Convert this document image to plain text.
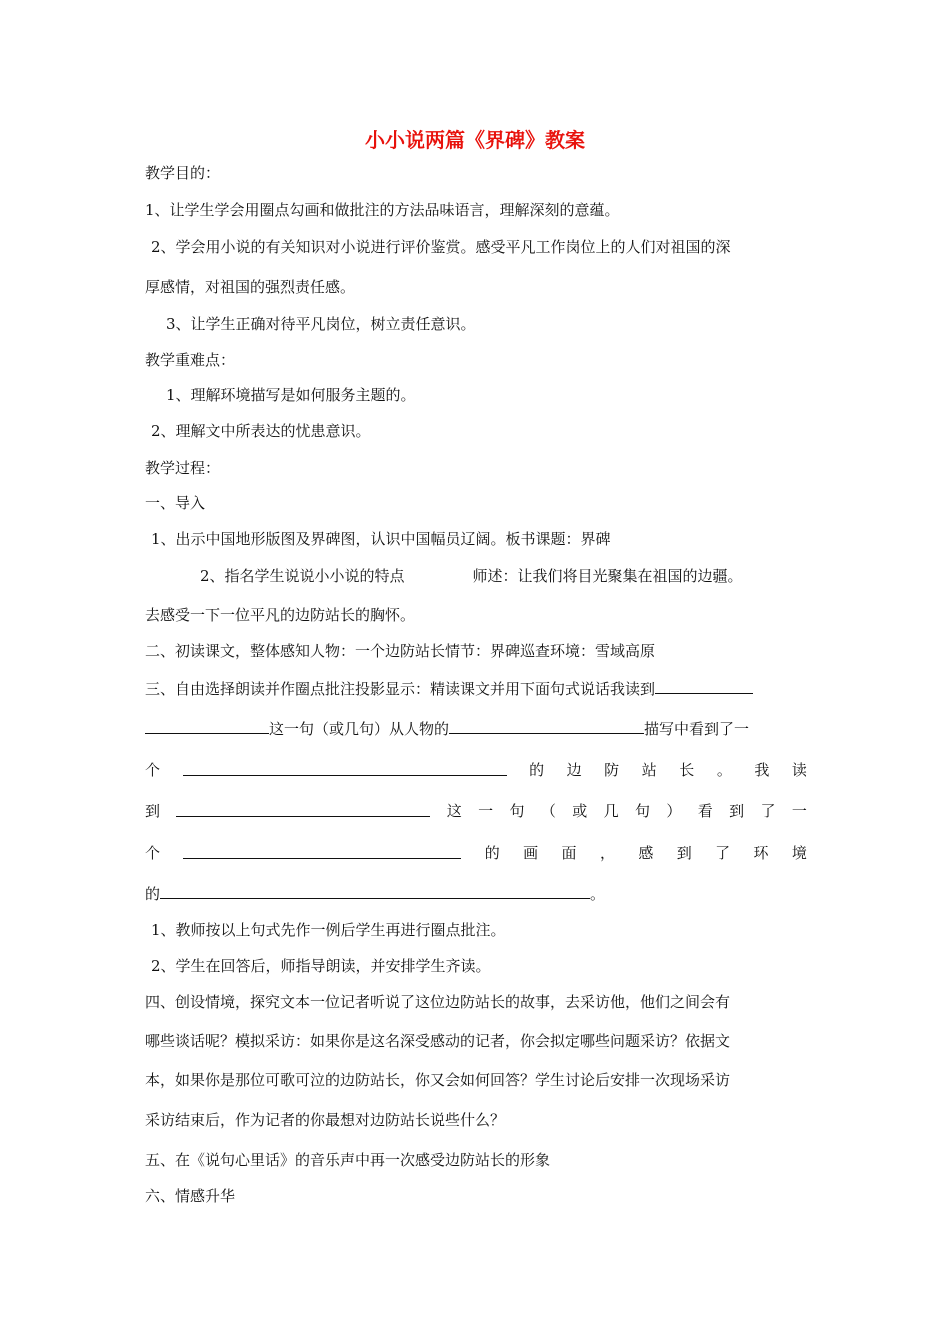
小小说两篇《界碑》教案
教学目的：
1、让学生学会用圈点勾画和做批注的方法品味语言，理解深刻的意蕴。
2、学会用小说的有关知识对小说进行评价鉴赏。感受平凡工作岗位上的人们对祖国的深
厚感情，对祖国的强烈责任感。
3、让学生正确对待平凡岗位，树立责任意识。
教学重难点：
1、理解环境描写是如何服务主题的。
2、理解文中所表达的忧患意识。
教学过程：
一、导入
1、出示中国地形版图及界碑图，认识中国幅员辽阔。板书课题：界碑
2、指名学生说说小小说的特点	师述：让我们将目光聚集在祖国的边疆。
去感受一下一位平凡的边防站长的胸怀。
二、初读课文，整体感知人物：一个边防站长情节：界碑巡查环境：雪域高原
三、自由选择朗读并作圈点批注投影显示：精读课文并用下面句式说话我读到
这一句（或几句）从人物的	描写中看到了一
个	的 边 防 站 长 。 我 读
到	这 一 句 （ 或 几 句 ） 看 到 了 一
个	的 画 面 ， 感 到 了 环 境
的	。
1、教师按以上句式先作一例后学生再进行圈点批注。
2、学生在回答后，师指导朗读，并安排学生齐读。
四、创设情境，探究文本一位记者听说了这位边防站长的故事，去采访他，他们之间会有
哪些谈话呢？模拟采访：如果你是这名深受感动的记者，你会拟定哪些问题采访？依据文
本，如果你是那位可歌可泣的边防站长，你又会如何回答？学生讨论后安排一次现场采访
采访结束后，作为记者的你最想对边防站长说些什么？
五、在《说句心里话》的音乐声中再一次感受边防站长的形象
六、情感升华
